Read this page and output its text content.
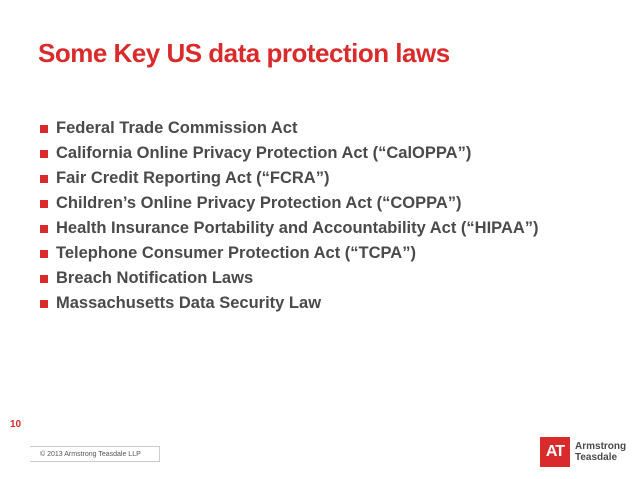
Some Key US data protection laws
Federal Trade Commission Act
California Online Privacy Protection Act (“CalOPPA”)
Fair Credit Reporting Act (“FCRA”)
Children’s Online Privacy Protection Act (“COPPA”)
Health Insurance Portability and Accountability Act (“HIPAA”)
Telephone Consumer Protection Act (“TCPA”)
Breach Notification Laws
Massachusetts Data Security Law
10
© 2013 Armstrong Teasdale LLP	AT	Armstrong
Teasdale
